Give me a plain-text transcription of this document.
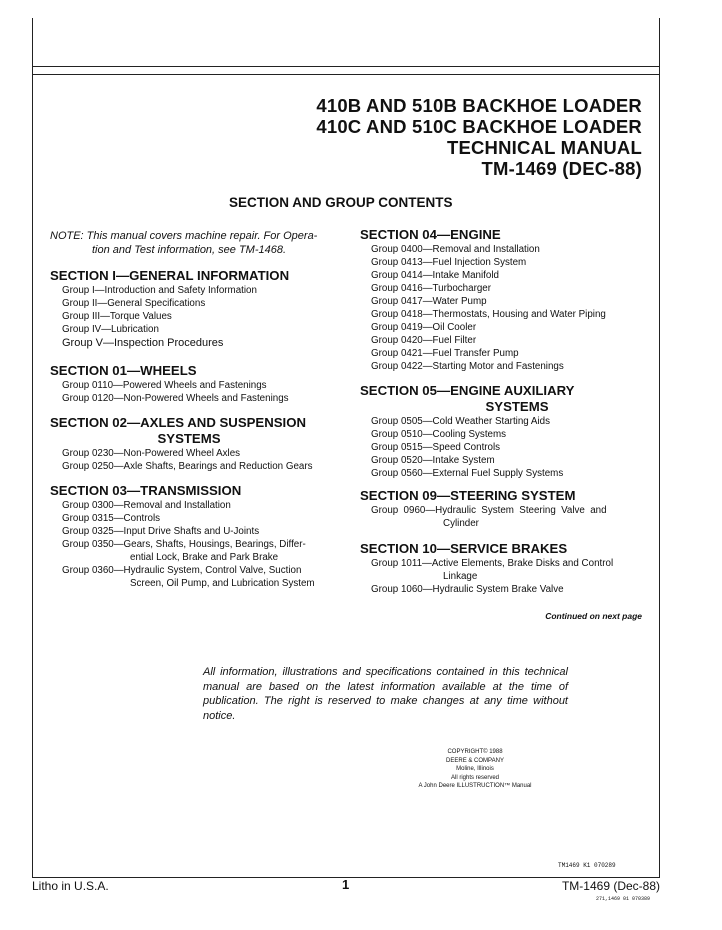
410B AND 510B BACKHOE LOADER
410C AND 510C BACKHOE LOADER
TECHNICAL MANUAL
TM-1469 (DEC-88)
SECTION AND GROUP CONTENTS
NOTE: This manual covers machine repair. For Opera-
tion and Test information, see TM-1468.
SECTION I—GENERAL INFORMATION
Group I—Introduction and Safety Information
Group II—General Specifications
Group III—Torque Values
Group IV—Lubrication
Group V—Inspection Procedures
SECTION 01—WHEELS
Group 0110—Powered Wheels and Fastenings
Group 0120—Non-Powered Wheels and Fastenings
SECTION 02—AXLES AND SUSPENSION
SYSTEMS
Group 0230—Non-Powered Wheel Axles
Group 0250—Axle Shafts, Bearings and Reduction Gears
SECTION 03—TRANSMISSION
Group 0300—Removal and Installation
Group 0315—Controls
Group 0325—Input Drive Shafts and U-Joints
Group 0350—Gears, Shafts, Housings, Bearings, Differ-
ential Lock, Brake and Park Brake
Group 0360—Hydraulic System, Control Valve, Suction
Screen, Oil Pump, and Lubrication System
SECTION 04—ENGINE
Group 0400—Removal and Installation
Group 0413—Fuel Injection System
Group 0414—Intake Manifold
Group 0416—Turbocharger
Group 0417—Water Pump
Group 0418—Thermostats, Housing and Water Piping
Group 0419—Oil Cooler
Group 0420—Fuel Filter
Group 0421—Fuel Transfer Pump
Group 0422—Starting Motor and Fastenings
SECTION 05—ENGINE AUXILIARY
SYSTEMS
Group 0505—Cold Weather Starting Aids
Group 0510—Cooling Systems
Group 0515—Speed Controls
Group 0520—Intake System
Group 0560—External Fuel Supply Systems
SECTION 09—STEERING SYSTEM
Group 0960—Hydraulic System Steering Valve and
Cylinder
SECTION 10—SERVICE BRAKES
Group 1011—Active Elements, Brake Disks and Control
Linkage
Group 1060—Hydraulic System Brake Valve
Continued on next page
All information, illustrations and specifications contained in this technical manual are based on the latest information available at the time of publication. The right is reserved to make changes at any time without notice.
COPYRIGHT© 1988
DEERE & COMPANY
Moline, Illinois
All rights reserved
A John Deere ILLUSTRUCTION™ Manual
TM1469 K1 070289
Litho in U.S.A.	1	TM-1469 (Dec-88)
271,1469 01 070389
